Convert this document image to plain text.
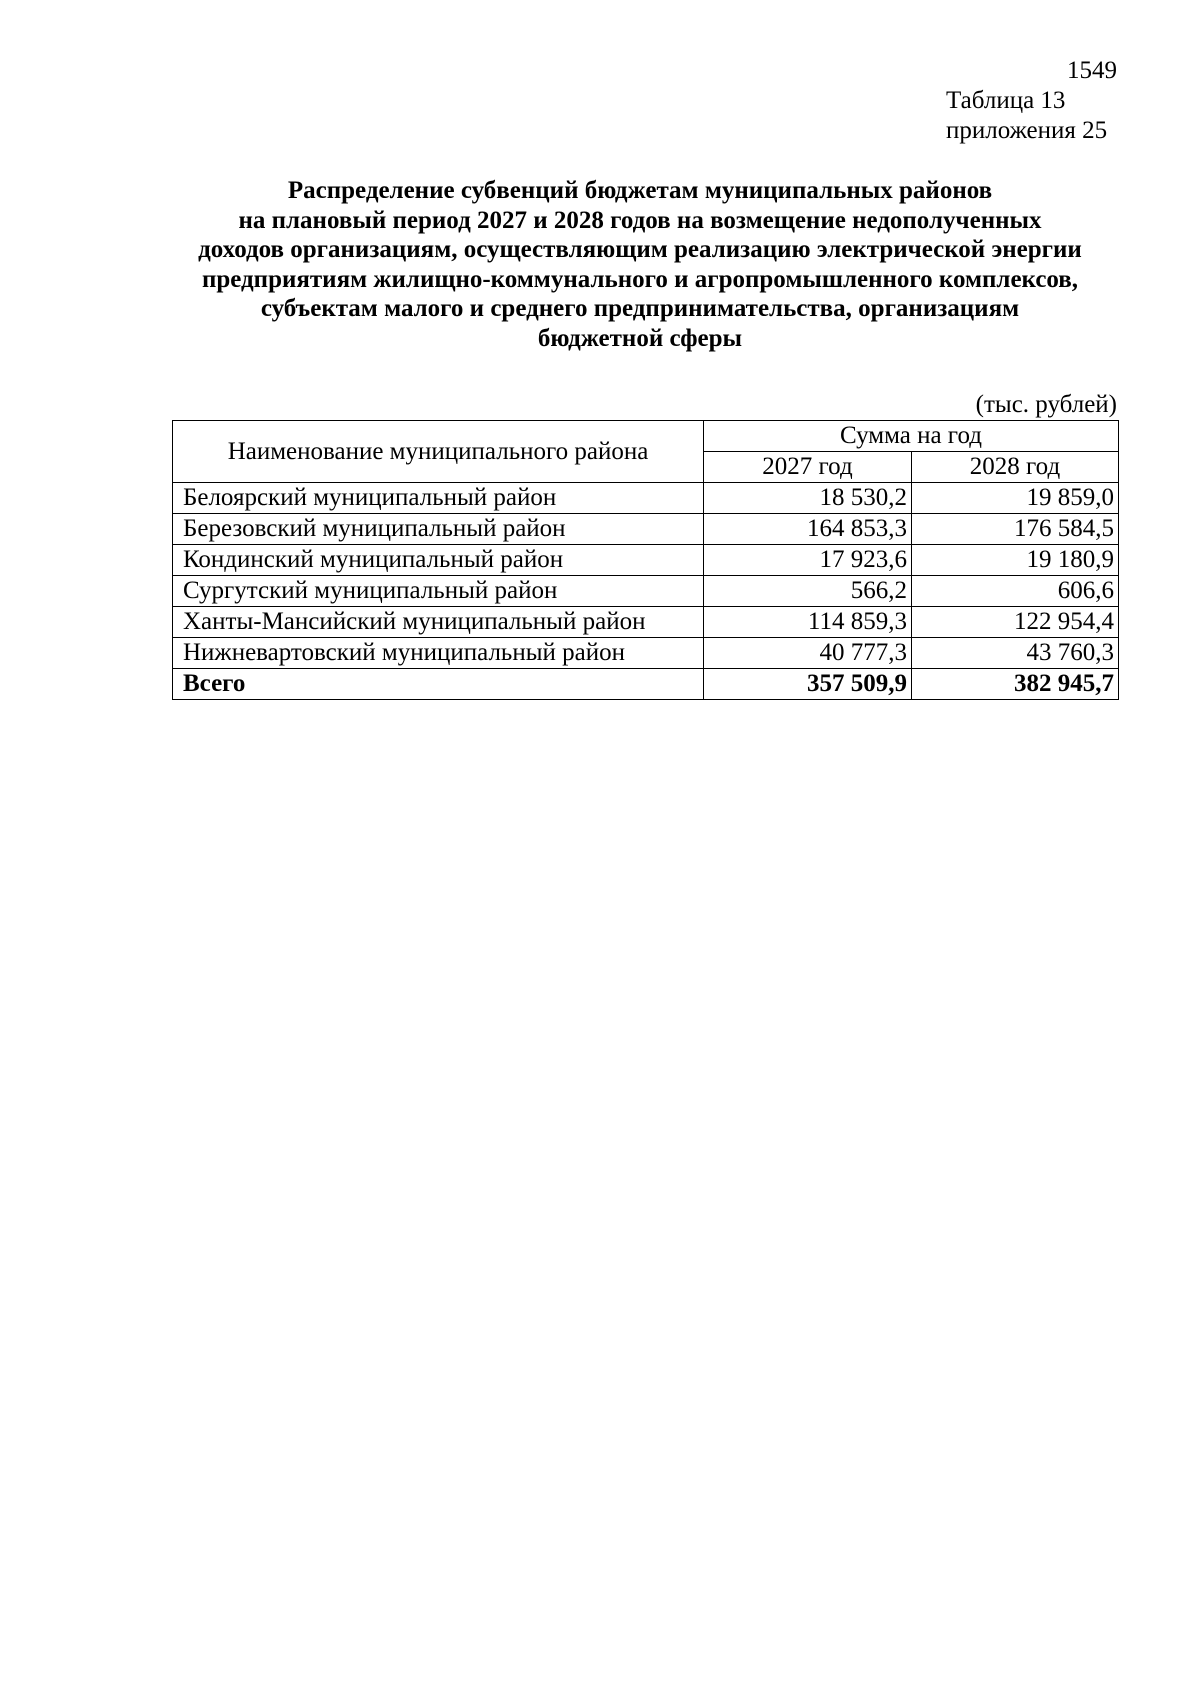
1549
Таблица 13
приложения 25
Распределение субвенций бюджетам муниципальных районов
на плановый период 2027 и 2028 годов на возмещение недополученных
доходов организациям, осуществляющим реализацию электрической энергии
предприятиям жилищно-коммунального и агропромышленного комплексов,
субъектам малого и среднего предпринимательства, организациям
бюджетной сферы
(тыс. рублей)
Наименование муниципального района	Сумма на год	
	2027 год	2028 год
Белоярский муниципальный район	18 530,2	19 859,0
Березовский муниципальный район	164 853,3	176 584,5
Кондинский муниципальный район	17 923,6	19 180,9
Сургутский муниципальный район	566,2	606,6
Ханты-Мансийский муниципальный район	114 859,3	122 954,4
Нижневартовский муниципальный район	40 777,3	43 760,3
Всего	357 509,9	382 945,7
